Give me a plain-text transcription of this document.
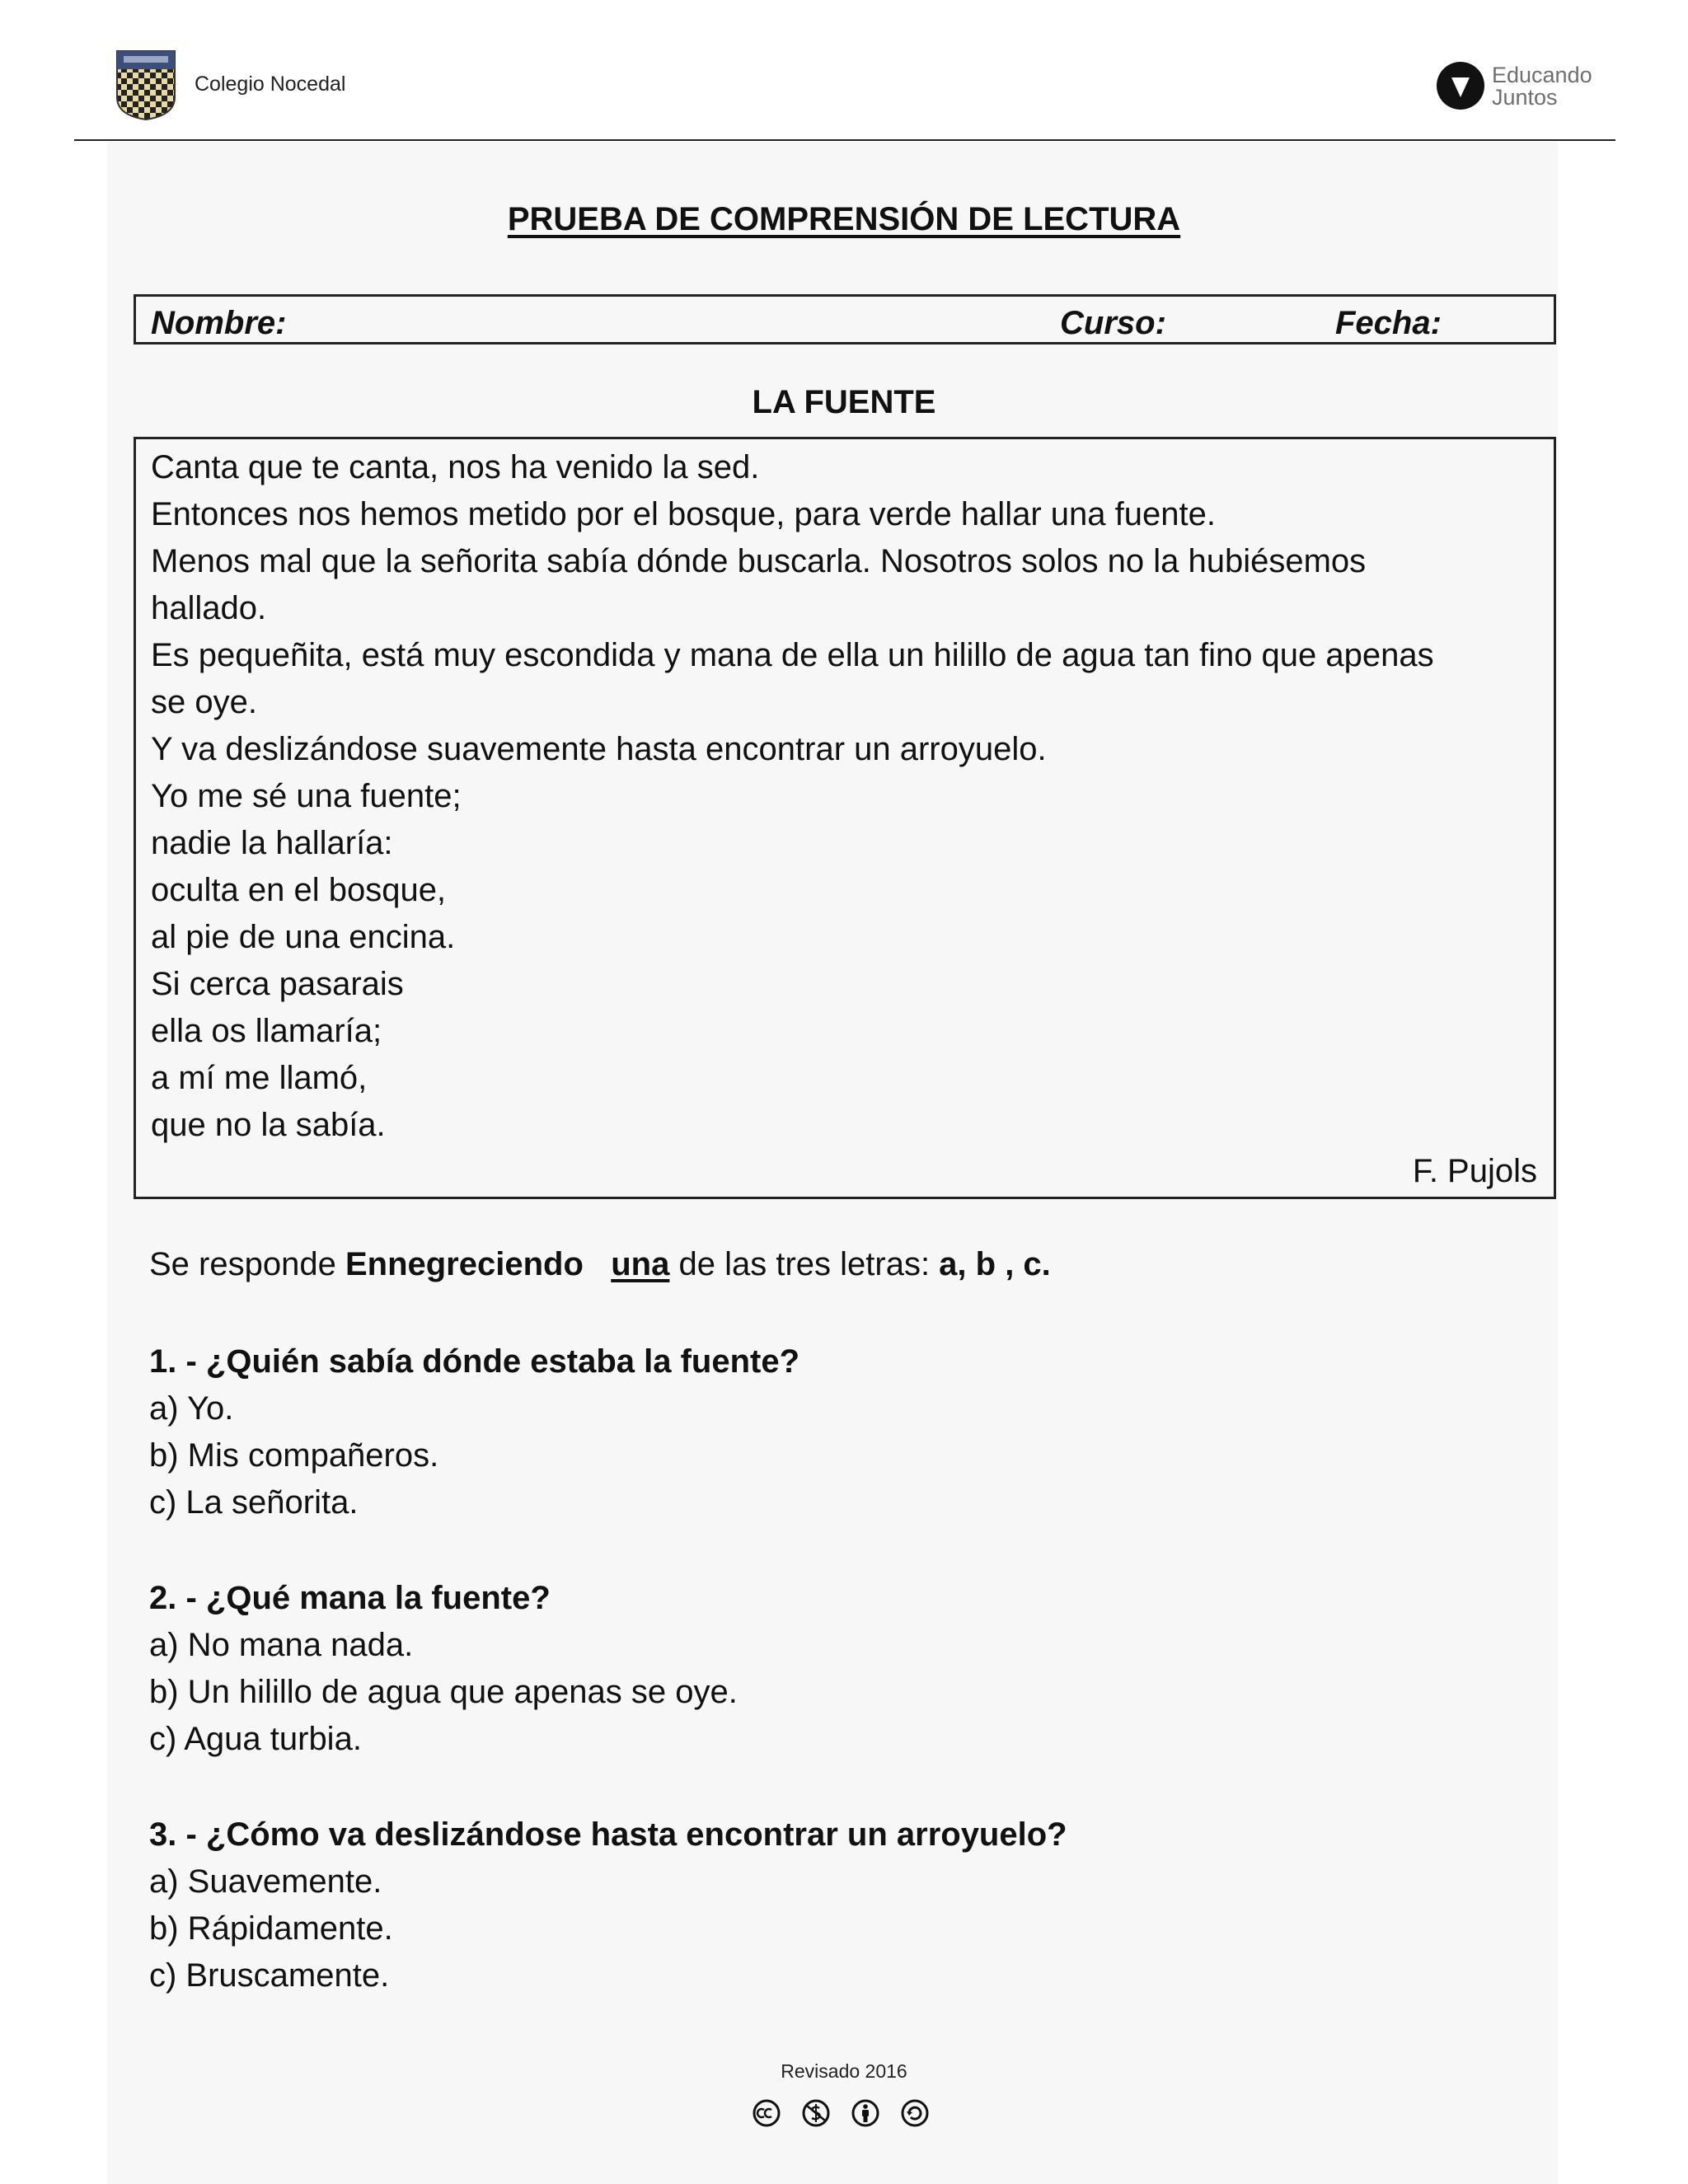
Colegio Nocedal	Educando
Juntos
PRUEBA DE COMPRENSIÓN DE LECTURA
Nombre:	Curso:	Fecha:
LA FUENTE
Canta que te canta, nos ha venido la sed.
Entonces nos hemos metido por el bosque, para verde hallar una fuente.
Menos mal que la señorita sabía dónde buscarla. Nosotros solos no la hubiésemos
hallado.
Es pequeñita, está muy escondida y mana de ella un hilillo de agua tan fino que apenas
se oye.
Y va deslizándose suavemente hasta encontrar un arroyuelo.
Yo me sé una fuente;
nadie la hallaría:
oculta en el bosque,
al pie de una encina.
Si cerca pasarais
ella os llamaría;
a mí me llamó,
que no la sabía.
F. Pujols
Se responde Ennegreciendo una de las tres letras: a, b , c.
1. - ¿Quién sabía dónde estaba la fuente?
a) Yo.
b) Mis compañeros.
c) La señorita.
2. - ¿Qué mana la fuente?
a) No mana nada.
b) Un hilillo de agua que apenas se oye.
c) Agua turbia.
3. - ¿Cómo va deslizándose hasta encontrar un arroyuelo?
a) Suavemente.
b) Rápidamente.
c) Bruscamente.
Revisado 2016
